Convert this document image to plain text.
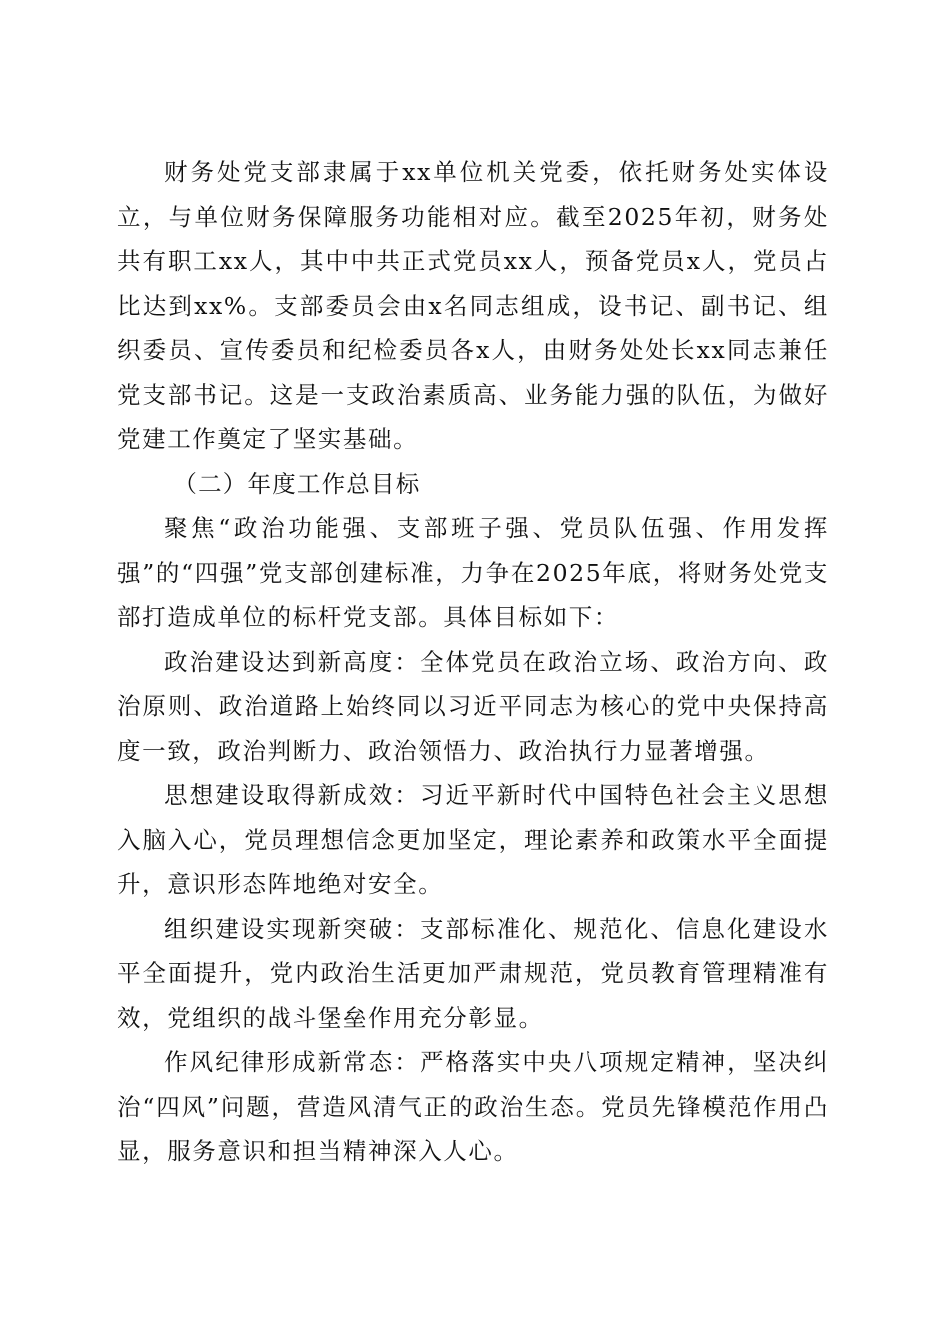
财务处党支部隶属于xx单位机关党委，依托财务处实体设立，与单位财务保障服务功能相对应。截至2025年初，财务处共有职工xx人，其中中共正式党员xx人，预备党员x人，党员占比达到xx%。支部委员会由x名同志组成，设书记、副书记、组织委员、宣传委员和纪检委员各x人，由财务处处长xx同志兼任党支部书记。这是一支政治素质高、业务能力强的队伍，为做好党建工作奠定了坚实基础。

（二）年度工作总目标

聚焦“政治功能强、支部班子强、党员队伍强、作用发挥强”的“四强”党支部创建标准，力争在2025年底，将财务处党支部打造成单位的标杆党支部。具体目标如下：

政治建设达到新高度：全体党员在政治立场、政治方向、政治原则、政治道路上始终同以习近平同志为核心的党中央保持高度一致，政治判断力、政治领悟力、政治执行力显著增强。

思想建设取得新成效：习近平新时代中国特色社会主义思想入脑入心，党员理想信念更加坚定，理论素养和政策水平全面提升，意识形态阵地绝对安全。

组织建设实现新突破：支部标准化、规范化、信息化建设水平全面提升，党内政治生活更加严肃规范，党员教育管理精准有效，党组织的战斗堡垒作用充分彰显。

作风纪律形成新常态：严格落实中央八项规定精神，坚决纠治“四风”问题，营造风清气正的政治生态。党员先锋模范作用凸显，服务意识和担当精神深入人心。
